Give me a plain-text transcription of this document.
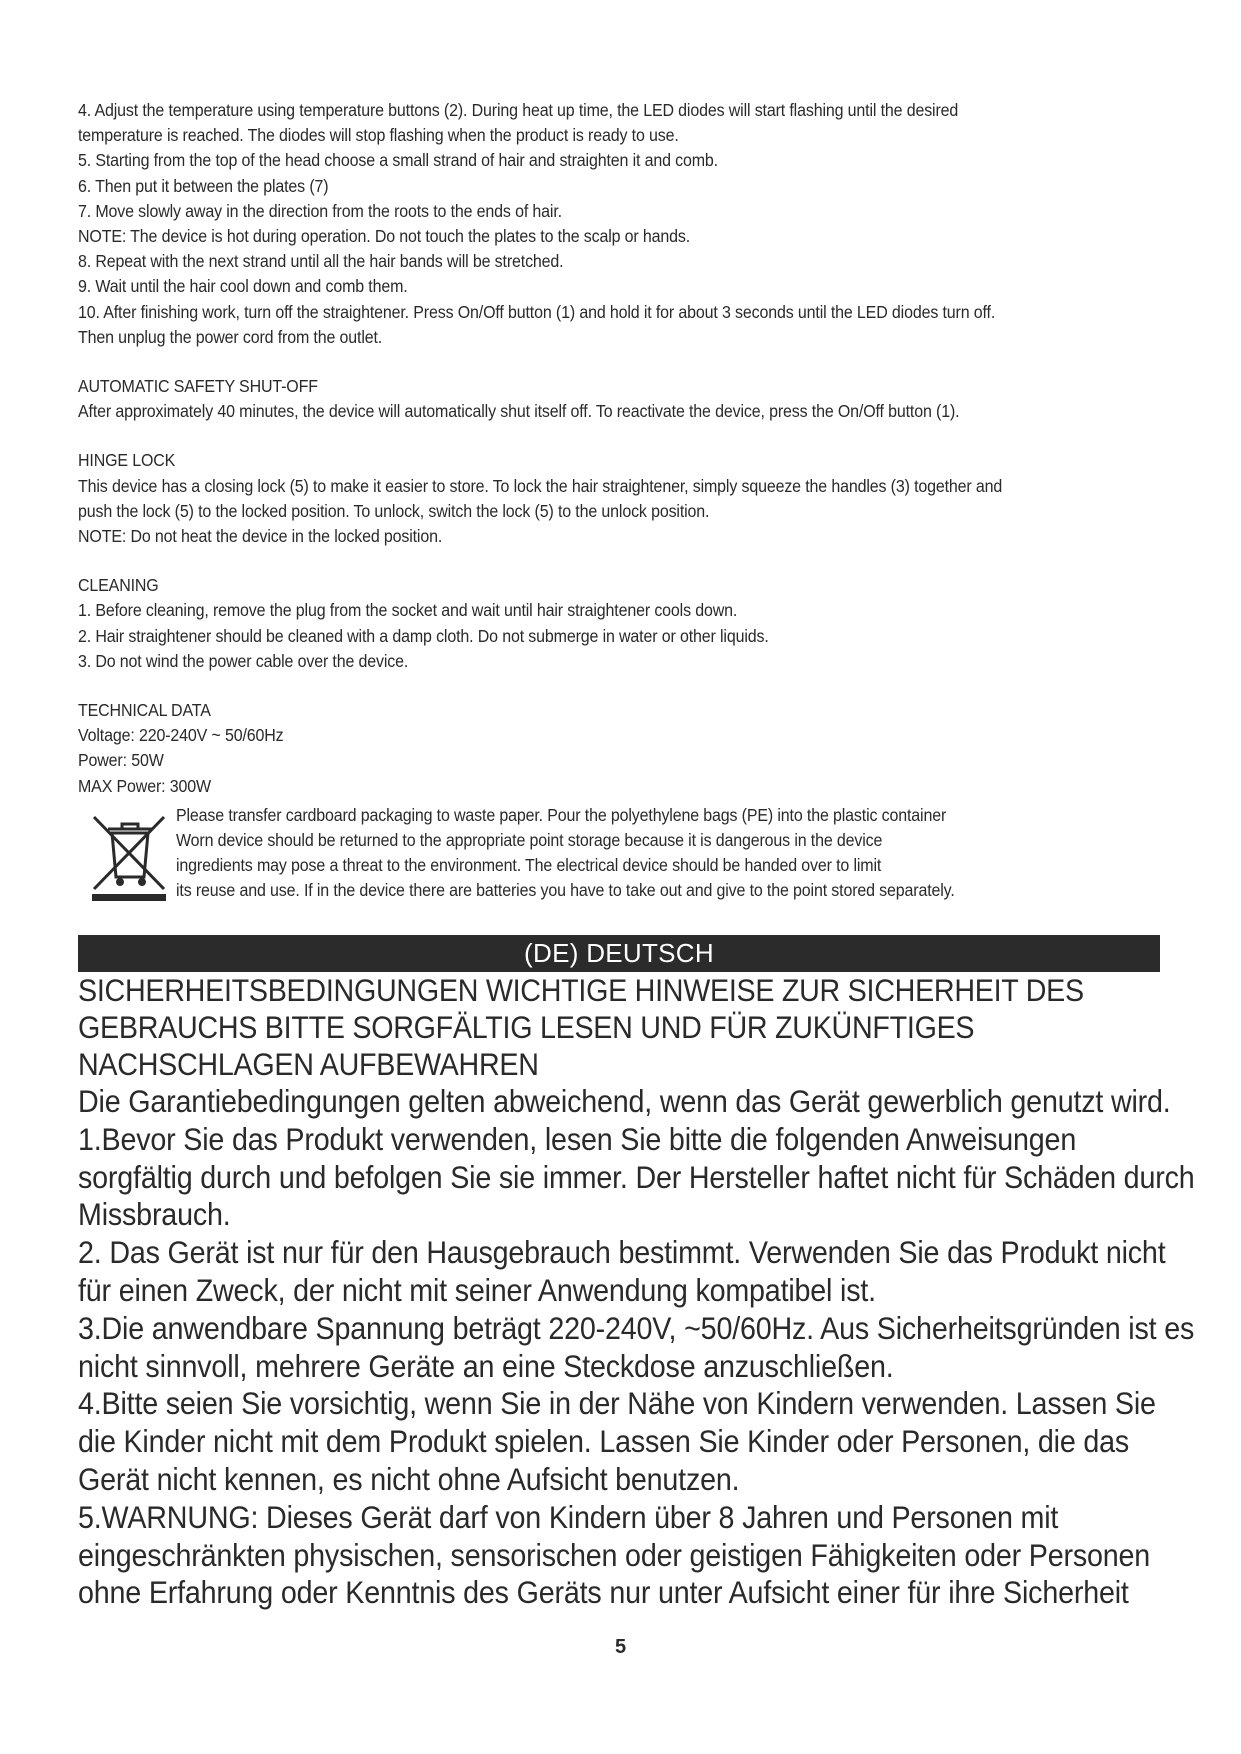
4. Adjust the temperature using temperature buttons (2). During heat up time, the LED diodes will start flashing until the desired

temperature is reached. The diodes will stop flashing when the product is ready to use.

5. Starting from the top of the head choose a small strand of hair and straighten it and comb.

6. Then put it between the plates (7)

7. Move slowly away in the direction from the roots to the ends of hair.

NOTE: The device is hot during operation. Do not touch the plates to the scalp or hands.

8. Repeat with the next strand until all the hair bands will be stretched.

9. Wait until the hair cool down and comb them.

10. After finishing work, turn off the straightener. Press On/Off button (1) and hold it for about 3 seconds until the LED diodes turn off.

Then unplug the power cord from the outlet.

AUTOMATIC SAFETY SHUT-OFF

After approximately 40 minutes, the device will automatically shut itself off. To reactivate the device, press the On/Off button (1).

HINGE LOCK

This device has a closing lock (5) to make it easier to store. To lock the hair straightener, simply squeeze the handles (3) together and

push the lock (5) to the locked position. To unlock, switch the lock (5) to the unlock position.

NOTE: Do not heat the device in the locked position.

CLEANING

1. Before cleaning, remove the plug from the socket and wait until hair straightener cools down.

2. Hair straightener should be cleaned with a damp cloth. Do not submerge in water or other liquids.

3. Do not wind the power cable over the device.

TECHNICAL DATA

Voltage: 220-240V ~ 50/60Hz

Power: 50W

MAX Power: 300W

Please transfer cardboard packaging to waste paper. Pour the polyethylene bags (PE) into the plastic container

Worn device should be returned to the appropriate point storage because it is dangerous in the device

ingredients may pose a threat to the environment. The electrical device should be handed over to limit

its reuse and use. If in the device there are batteries you have to take out and give to the point stored separately.

(DE) DEUTSCH

SICHERHEITSBEDINGUNGEN WICHTIGE HINWEISE ZUR SICHERHEIT DES

GEBRAUCHS BITTE SORGFÄLTIG LESEN UND FÜR ZUKÜNFTIGES

NACHSCHLAGEN AUFBEWAHREN

Die Garantiebedingungen gelten abweichend, wenn das Gerät gewerblich genutzt wird.

1.Bevor Sie das Produkt verwenden, lesen Sie bitte die folgenden Anweisungen

sorgfältig durch und befolgen Sie sie immer. Der Hersteller haftet nicht für Schäden durch

Missbrauch.

2. Das Gerät ist nur für den Hausgebrauch bestimmt. Verwenden Sie das Produkt nicht

für einen Zweck, der nicht mit seiner Anwendung kompatibel ist.

3.Die anwendbare Spannung beträgt 220-240V, ~50/60Hz. Aus Sicherheitsgründen ist es

nicht sinnvoll, mehrere Geräte an eine Steckdose anzuschließen.

4.Bitte seien Sie vorsichtig, wenn Sie in der Nähe von Kindern verwenden. Lassen Sie

die Kinder nicht mit dem Produkt spielen. Lassen Sie Kinder oder Personen, die das

Gerät nicht kennen, es nicht ohne Aufsicht benutzen.

5.WARNUNG: Dieses Gerät darf von Kindern über 8 Jahren und Personen mit

eingeschränkten physischen, sensorischen oder geistigen Fähigkeiten oder Personen

ohne Erfahrung oder Kenntnis des Geräts nur unter Aufsicht einer für ihre Sicherheit

5
